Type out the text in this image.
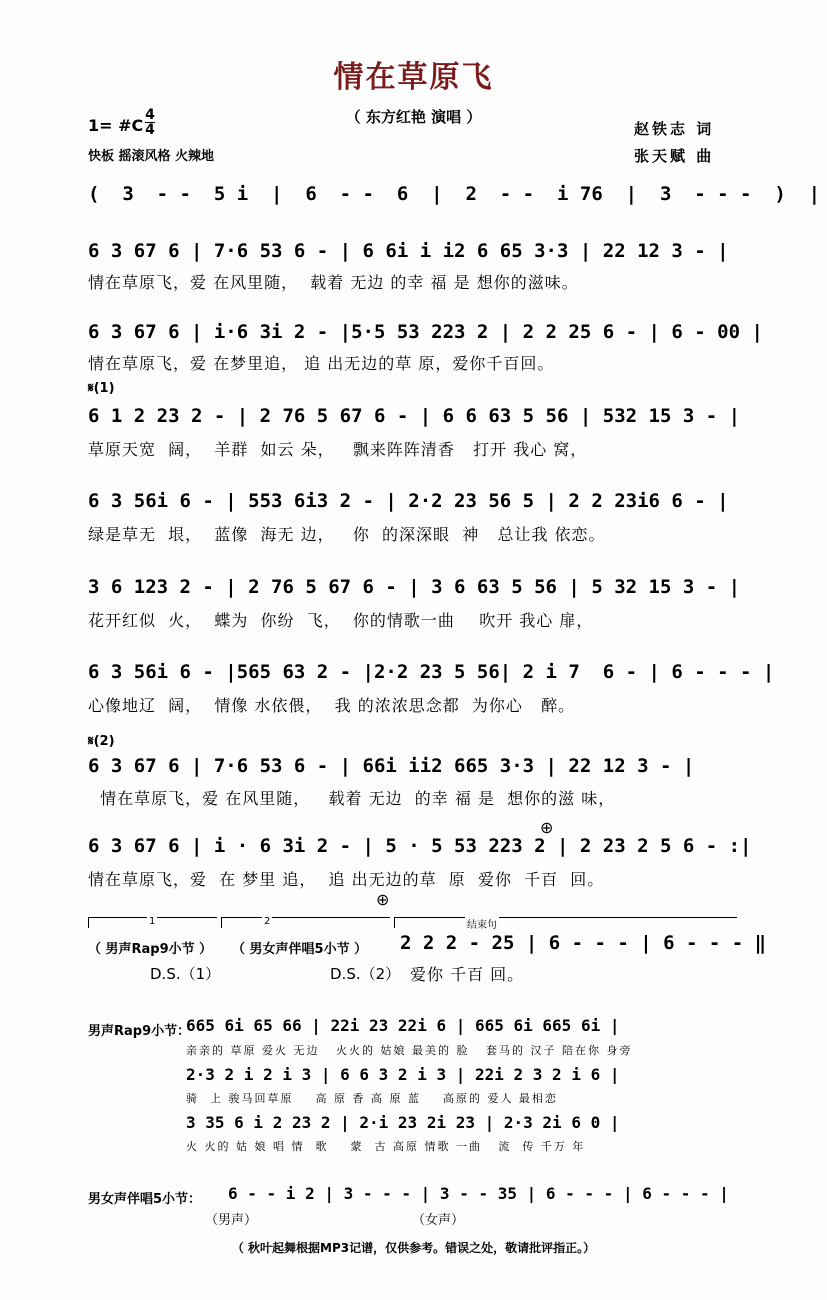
情在草原飞
（ 东方红艳 演唱 ）
1= #C
4
4
快板 摇滚风格 火辣地
赵铁志 词
张天赋 曲
(  3  - -  5 i  |  6  - -  6  |  2  - -  i 76  |  3  - - -  )  |
6 3 67 6 | 7·6 53 6 - | 6 6i i i2 6 65 3·3 | 22 12 3 - |
情在草原飞，爱 在风里随，  载着 无边 的幸 福 是 想你的滋味。
6 3 67 6 | i·6 3i 2 - |5·5 53 223 2 | 2 2 25 6 - | 6 - 00 |
情在草原飞，爱 在梦里追， 追 出无边的草 原，爱你千百回。
𝄋(1)
6 1 2 23 2 - | 2 76 5 67 6 - | 6 6 63 5 56 | 532 15 3 - |
草原天宽  阔，  羊群  如云 朵，   飘来阵阵清香   打开 我心 窝，
6 3 56i 6 - | 553 6i3 2 - | 2·2 23 56 5 | 2 2 23i6 6 - |
绿是草无  垠，  蓝像  海无 边，   你  的深深眼  神   总让我 依恋。
3 6 123 2 - | 2 76 5 67 6 - | 3 6 63 5 56 | 5 32 15 3 - |
花开红似  火，  蝶为  你纷  飞，  你的情歌一曲    吹开 我心 扉，
6 3 56i 6 - |565 63 2 - |2·2 23 5 56| 2 i 7  6 - | 6 - - - |
心像地辽  阔，  情像 水依偎，  我 的浓浓思念都  为你心   醉。
𝄋(2)
6 3 67 6 | 7·6 53 6 - | 66i ii2 665 3·3 | 22 12 3 - |
情在草原飞，爱 在风里随，   载着 无边  的幸 福 是  想你的滋 味，
⊕
6 3 67 6 | i · 6 3i 2 - | 5 · 5 53 223 2 | 2 23 2 5 6 - :|
情在草原飞，爱  在 梦里 追，  追 出无边的草  原  爱你  千百  回。
1	2	结束句
⊕
（ 男声Rap9小节 ） （ 男女声伴唱5小节 ） 2 2 2 - 25 | 6 - - - | 6 - - - ‖
D.S.（1）	D.S.（2） 爱你 千百 回。
男声Rap9小节：
665 6i 65 66 | 22i 23 22i 6 | 665 6i 665 6i |
亲亲的 草原 爱火 无边   火火的 姑娘 最美的 脸   套马的 汉子 陪在你 身旁
2·3 2 i 2 i 3 | 6 6 3 2 i 3 | 22i 2 3 2 i 6 |
骑  上 骏马回草原    高 原 香 高 原 蓝    高原的 爱人 最相恋
3 35 6 i 2 23 2 | 2·i 23 2i 23 | 2·3 2i 6 0 |
火 火的 姑 娘 唱 情  歌    蒙  古 高原 情歌 一曲   流  传 千万 年
男女声伴唱5小节： 6 - - i 2 | 3 - - - | 3 - - 35 | 6 - - - | 6 - - - |
（男声）	（女声）
（ 秋叶起舞根据MP3记谱，仅供参考。错误之处，敬请批评指正。）
